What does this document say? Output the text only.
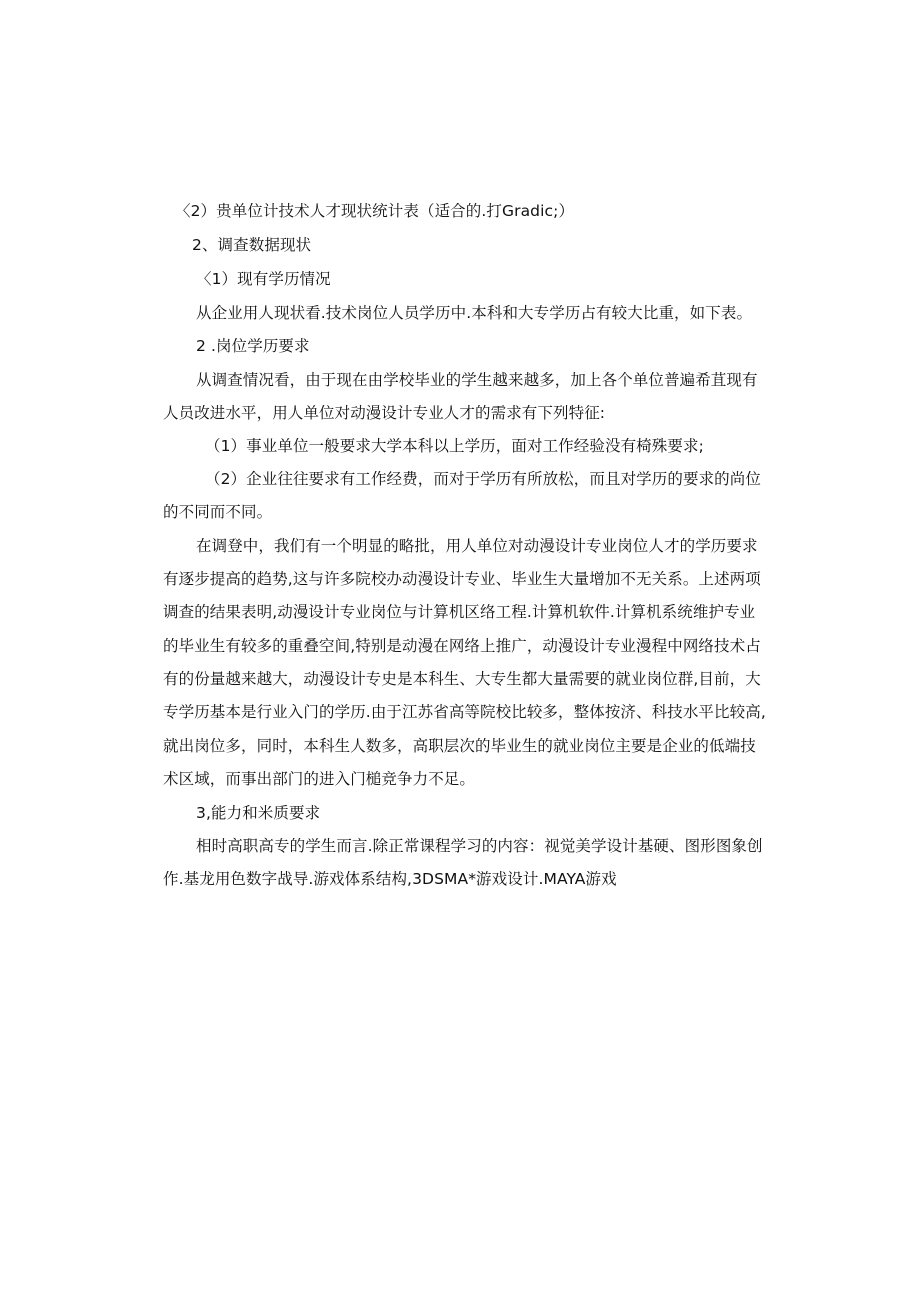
〈2）贵单位计技术人才现状统计表（适合的.打Gradic;）
2、调查数据现状
〈1）现有学历情况
从企业用人现状看.技术岗位人员学历中.本科和大专学历占有较大比重，如下表。
2 .岗位学历要求
从调查情况看，由于现在由学校毕业的学生越来越多，加上各个单位普遍希苴现有
人员改进水平，用人单位对动漫设计专业人才的需求有下列特征:
（1）事业单位一般要求大学本科以上学历，面对工作经验没有椅殊要求;
（2）企业往往要求有工作经费，而对于学历有所放松，而且对学历的要求的尚位
的不同而不同。
在调登中，我们有一个明显的略批，用人单位对动漫设计专业岗位人才的学历要求
有逐步提高的趋势,这与许多院校办动漫设计专业、毕业生大量增加不无关系。上述两项
调查的结果表明,动漫设计专业岗位与计算机区络工程.计算机软件.计算机系统维护专业
的毕业生有较多的重叠空间,特别是动漫在网络上推广，动漫设计专业漫程中网络技术占
有的份量越来越大，动漫设计专史是本科生、大专生都大量需要的就业岗位群,目前，大
专学历基本是行业入门的学历.由于江苏省高等院校比较多，整体按济、科技水平比较高,
就出岗位多，同时，本科生人数多，高职层次的毕业生的就业岗位主要是企业的低端技
术区域，而事出部门的进入门槌竞争力不足。
3,能力和米质要求
相时高职高专的学生而言.除正常课程学习的内容：视觉美学设计基硬、图形图象创
作.基龙用色数字战导.游戏体系结构,3DSMA*游戏设计.MAYA游戏
